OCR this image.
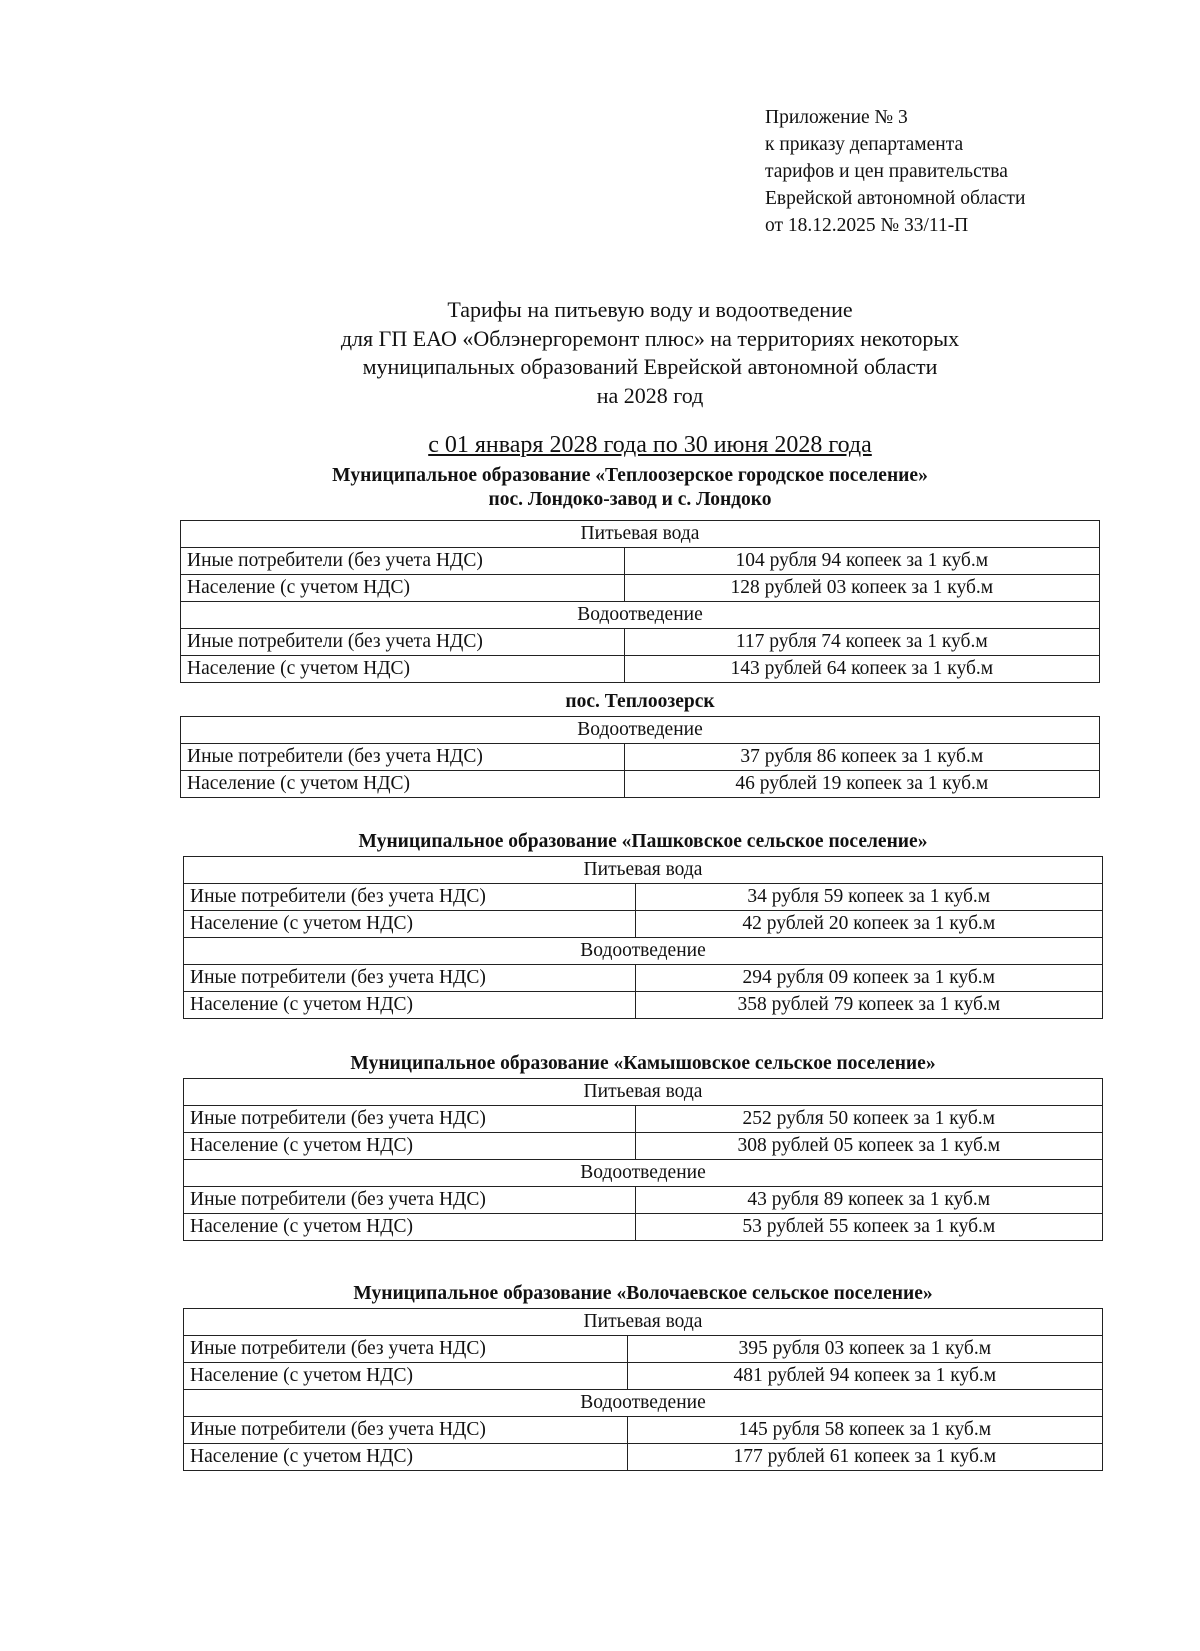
Приложение № 3
к приказу департамента
тарифов и цен правительства
Еврейской автономной области
от 18.12.2025 № 33/11-П
Тарифы на питьевую воду и водоотведение
для ГП ЕАО «Облэнергоремонт плюс» на территориях некоторых
муниципальных образований Еврейской автономной области
на 2028 год
с 01 января 2028 года по 30 июня 2028 года
Муниципальное образование «Теплоозерское городское поселение»
пос. Лондоко-завод и с. Лондоко
Питьевая вода	
Иные потребители (без учета НДС)	104 рубля 94 копеек за 1 куб.м
Население (с учетом НДС)	128 рублей 03 копеек за 1 куб.м
Водоотведение	
Иные потребители (без учета НДС)	117 рубля 74 копеек за 1 куб.м
Население (с учетом НДС)	143 рублей 64 копеек за 1 куб.м
пос. Теплоозерск
Водоотведение	
Иные потребители (без учета НДС)	37 рубля 86 копеек за 1 куб.м
Население (с учетом НДС)	46 рублей 19 копеек за 1 куб.м
Муниципальное образование «Пашковское сельское поселение»
Питьевая вода	
Иные потребители (без учета НДС)	34 рубля 59 копеек за 1 куб.м
Население (с учетом НДС)	42 рублей 20 копеек за 1 куб.м
Водоотведение	
Иные потребители (без учета НДС)	294 рубля 09 копеек за 1 куб.м
Население (с учетом НДС)	358 рублей 79 копеек за 1 куб.м
Муниципальное образование «Камышовское сельское поселение»
Питьевая вода	
Иные потребители (без учета НДС)	252 рубля 50 копеек за 1 куб.м
Население (с учетом НДС)	308 рублей 05 копеек за 1 куб.м
Водоотведение	
Иные потребители (без учета НДС)	43 рубля 89 копеек за 1 куб.м
Население (с учетом НДС)	53 рублей 55 копеек за 1 куб.м
Муниципальное образование «Волочаевское сельское поселение»
Питьевая вода	
Иные потребители (без учета НДС)	395 рубля 03 копеек за 1 куб.м
Население (с учетом НДС)	481 рублей 94 копеек за 1 куб.м
Водоотведение	
Иные потребители (без учета НДС)	145 рубля 58 копеек за 1 куб.м
Население (с учетом НДС)	177 рублей 61 копеек за 1 куб.м
